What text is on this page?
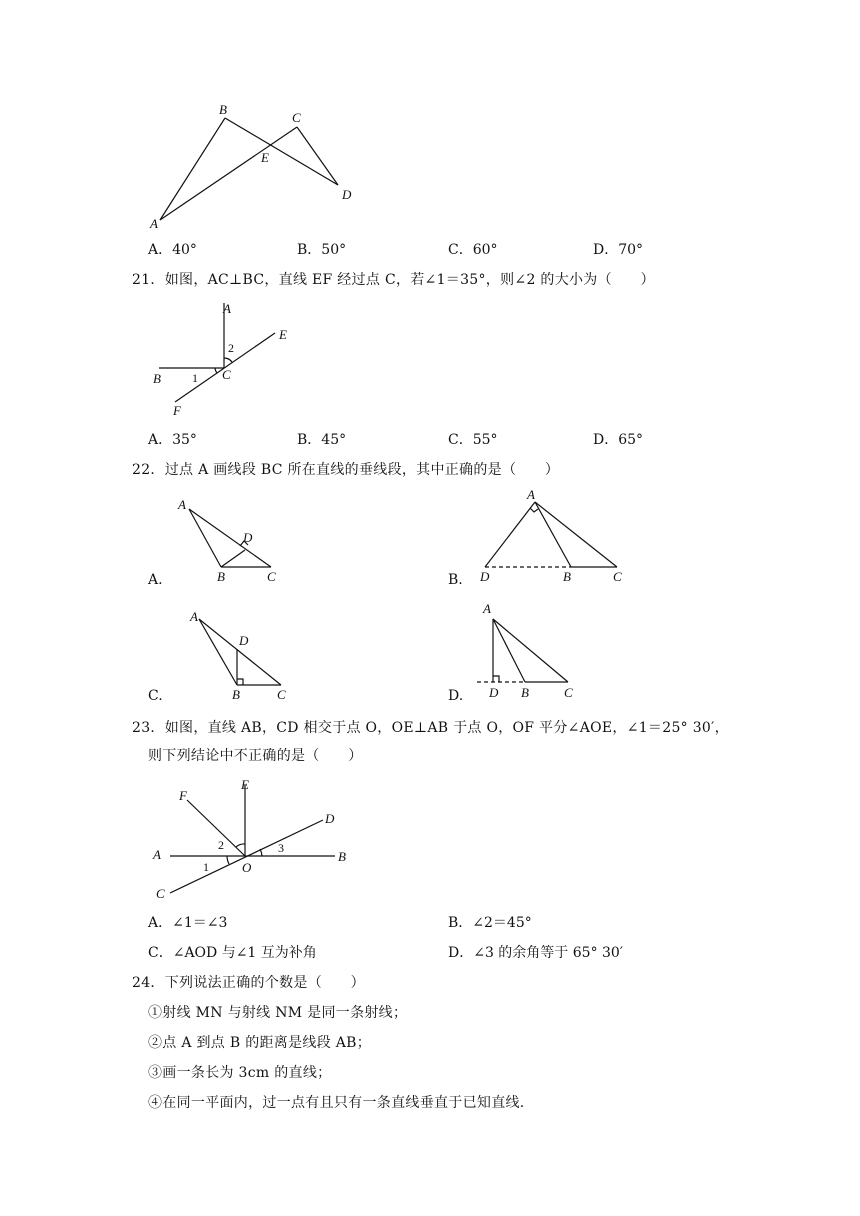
B
C
E
D
A
A．40°	B．50°	C．60°	D．70°
21．如图，AC⊥BC，直线 EF 经过点 C，若∠1＝35°，则∠2 的大小为（　　）
A
E
2
B	1 C
F
A．35°	B．45°	C．55°	D．65°
22．过点 A 画线段 BC 所在直线的垂线段，其中正确的是（　　）
A.
A
D
B	C	B.
A
D	B	C
C.
A
D
B	C	D.
A
D B	C
23．如图，直线 AB，CD 相交于点 O，OE⊥AB 于点 O，OF 平分∠AOE，∠1＝25° 30′，
则下列结论中不正确的是（　　）
F
E
D
A
2	3
B
1	O
C
A．∠1＝∠3	B．∠2＝45°
C．∠AOD 与∠1 互为补角	D．∠3 的余角等于 65° 30′
24．下列说法正确的个数是（　　）
①射线 MN 与射线 NM 是同一条射线；
②点 A 到点 B 的距离是线段 AB；
③画一条长为 3cm 的直线；
④在同一平面内，过一点有且只有一条直线垂直于已知直线.
